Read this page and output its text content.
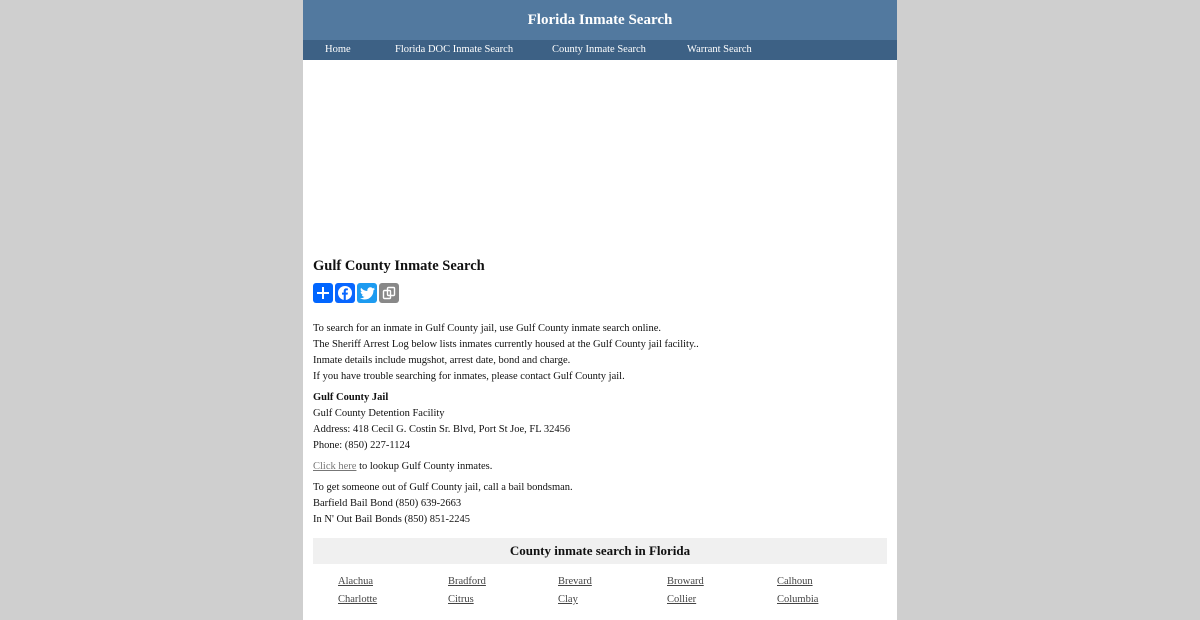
Florida Inmate Search
Home	Florida DOC Inmate Search	County Inmate Search	Warrant Search
Gulf County Inmate Search
To search for an inmate in Gulf County jail, use Gulf County inmate search online.
The Sheriff Arrest Log below lists inmates currently housed at the Gulf County jail facility..
Inmate details include mugshot, arrest date, bond and charge.
If you have trouble searching for inmates, please contact Gulf County jail.
Gulf County Jail
Gulf County Detention Facility
Address: 418 Cecil G. Costin Sr. Blvd, Port St Joe, FL 32456
Phone: (850) 227-1124
Click here to lookup Gulf County inmates.
To get someone out of Gulf County jail, call a bail bondsman.
Barfield Bail Bond (850) 639-2663
In N' Out Bail Bonds (850) 851-2245
County inmate search in Florida
Alachua	Bradford	Brevard	Broward	Calhoun
Charlotte	Citrus	Clay	Collier	Columbia
